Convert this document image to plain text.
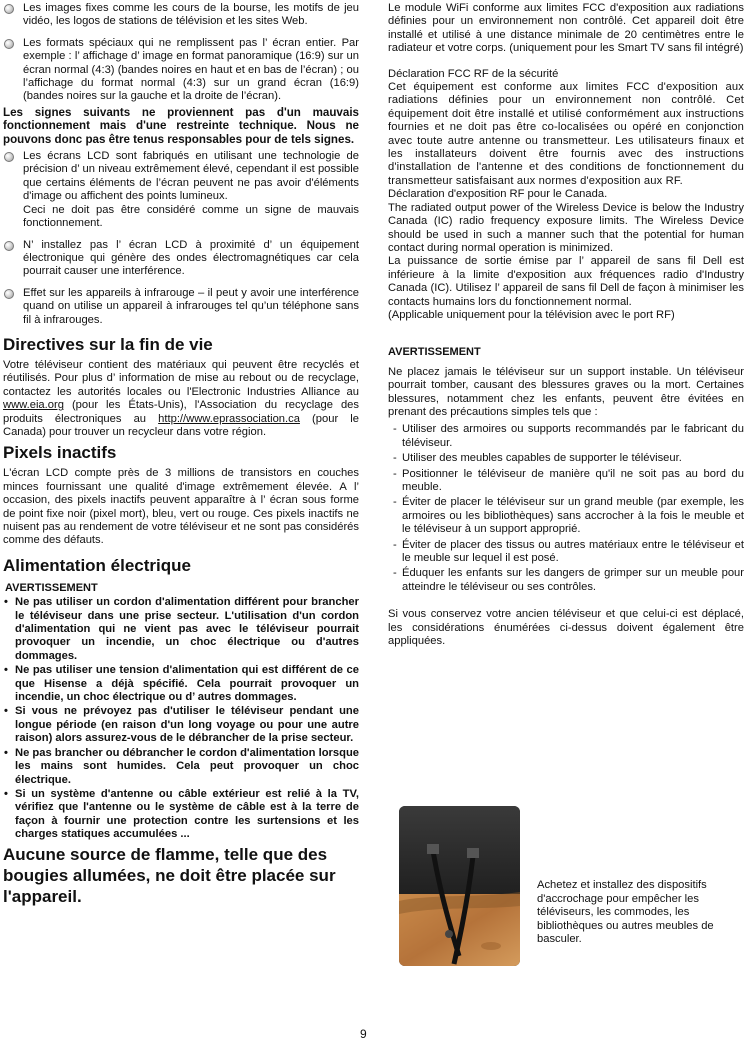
Les images fixes comme les cours de la bourse, les motifs de jeu vidéo, les logos de stations de télévision et les sites Web.
Les formats spéciaux qui ne remplissent pas l’ écran entier. Par exemple : l’ affichage d’ image en format panoramique (16:9) sur un écran normal (4:3) (bandes noires en haut et en bas de l’écran) ; ou l’affichage du format normal (4:3) sur un grand écran (16:9) (bandes noires sur la gauche et la droite de l’écran).

Les signes suivants ne proviennent pas d'un mauvais fonctionnement mais d'une restreinte technique. Nous ne pouvons donc pas être tenus responsables pour de tels signes.

Les écrans LCD sont fabriqués en utilisant une technologie de précision d’ un niveau extrêmement élevé, cependant il est possible que certains éléments de l’écran peuvent ne pas avoir d'éléments d'image ou affichent des points lumineux.
Ceci ne doit pas être considéré comme un signe de mauvais fonctionnement.
N’ installez pas l’ écran LCD à proximité d’ un équipement électronique qui génère des ondes électromagnétiques car cela pourrait causer une interférence.
Effet sur les appareils à infrarouge – il peut y avoir une interférence quand on utilise un appareil à infrarouges tel qu’un téléphone sans fil à infrarouges.
Directives sur la fin de vie

Votre téléviseur contient des matériaux qui peuvent être recyclés et réutilisés. Pour plus d’ information de mise au rebout ou de recyclage, contactez les autorités locales ou l'Electronic Industries Alliance au www.eia.org (pour les États-Unis), l'Association du recyclage des produits électroniques au http://www.eprassociation.ca (pour le Canada) pour trouver un recycleur dans votre région.

Pixels inactifs

L'écran LCD compte près de 3 millions de transistors en couches minces fournissant une qualité d'image extrêmement élevée. A l’ occasion, des pixels inactifs peuvent apparaître à l’ écran sous forme de point fixe noir (pixel mort), bleu, vert ou rouge. Ces pixels inactifs ne nuisent pas au rendement de votre téléviseur et ne sont pas considérés comme des défauts.

Alimentation électrique
AVERTISSEMENT
• Ne pas utiliser un cordon d'alimentation différent pour brancher le téléviseur dans une prise secteur. L'utilisation d'un cordon d'alimentation qui ne vient pas avec le téléviseur pourrait provoquer un incendie, un choc électrique ou d'autres dommages.
• Ne pas utiliser une tension d'alimentation qui est différent de ce que Hisense a déjà spécifié. Cela pourrait provoquer un incendie, un choc électrique ou d’ autres dommages.
• Si vous ne prévoyez pas d'utiliser le téléviseur pendant une longue période (en raison d'un long voyage ou pour une autre raison) alors assurez-vous de le débrancher de la prise secteur.
• Ne pas brancher ou débrancher le cordon d'alimentation lorsque les mains sont humides. Cela peut provoquer un choc électrique.
• Si un système d'antenne ou câble extérieur est relié à la TV, vérifiez que l'antenne ou le système de câble est à la terre de façon à fournir une protection contre les surtensions et les charges statiques accumulées ...

Aucune source de flamme, telle que des bougies allumées, ne doit être placée sur l'appareil.

Le module WiFi conforme aux limites FCC d'exposition aux radiations définies pour un environnement non contrôlé. Cet appareil doit être installé et utilisé à une distance minimale de 20 centimètres entre le radiateur et votre corps. (uniquement pour les Smart TV sans fil intégré)

Déclaration FCC RF de la sécurité

Cet équipement est conforme aux limites FCC d'exposition aux radiations définies pour un environnement non contrôlé. Cet équipement doit être installé et utilisé conformément aux instructions fournies et ne doit pas être co-localisées ou opéré en conjonction avec toute autre antenne ou transmetteur. Les utilisateurs finaux et les installateurs doivent être fournis avec des instructions d'installation de l'antenne et des conditions de fonctionnement du transmetteur satisfaisant aux normes d'exposition aux RF.

Déclaration d'exposition RF pour le Canada.

The radiated output power of the Wireless Device is below the Industry Canada (IC) radio frequency exposure limits. The Wireless Device should be used in such a manner such that the potential for human contact during normal operation is minimized.

La puissance de sortie émise par l’ appareil de sans fil Dell est inférieure à la limite d'exposition aux fréquences radio d'Industry Canada (IC). Utilisez l’ appareil de sans fil Dell de façon à minimiser les contacts humains lors du fonctionnement normal.

(Applicable uniquement pour la télévision avec le port RF)

AVERTISSEMENT

Ne placez jamais le téléviseur sur un support instable. Un téléviseur pourrait tomber, causant des blessures graves ou la mort. Certaines blessures, notamment chez les enfants, peuvent être évitées en prenant des précautions simples tels que :

- Utiliser des armoires ou supports recommandés par le fabricant du téléviseur.
- Utiliser des meubles capables de supporter le téléviseur.
- Positionner le téléviseur de manière qu'il ne soit pas au bord du meuble.
- Éviter de placer le téléviseur sur un grand meuble (par exemple, les armoires ou les bibliothèques) sans accrocher à la fois le meuble et le téléviseur à un support approprié.
- Éviter de placer des tissus ou autres matériaux entre le téléviseur et le meuble sur lequel il est posé.
- Éduquer les enfants sur les dangers de grimper sur un meuble pour atteindre le téléviseur ou ses contrôles.

Si vous conservez votre ancien téléviseur et que celui-ci est déplacé, les considérations énumérées ci-dessus doivent également être appliquées.

Achetez et installez des dispositifs d'accrochage pour empêcher les téléviseurs, les commodes, les bibliothèques ou autres meubles de basculer.

9
